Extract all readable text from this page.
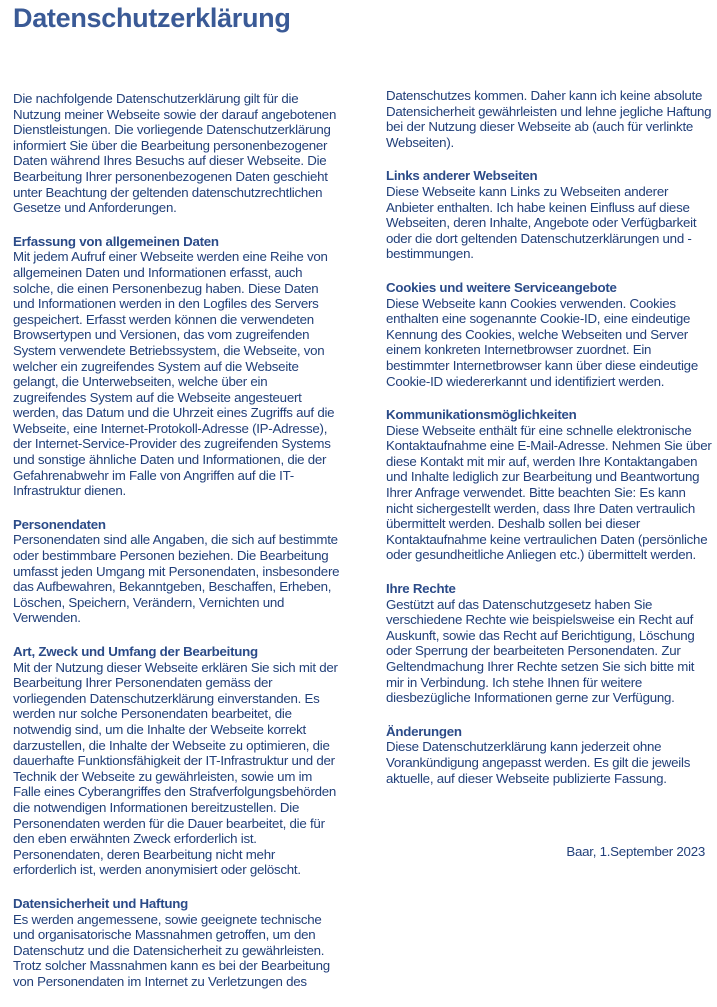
Datenschutzerklärung

Die nachfolgende Datenschutzerklärung gilt für die Nutzung meiner Webseite sowie der darauf angebotenen Dienstleistungen. Die vorliegende Datenschutzerklärung informiert Sie über die Bearbeitung personenbezogener Daten während Ihres Besuchs auf dieser Webseite. Die Bearbeitung Ihrer personenbezogenen Daten geschieht unter Beachtung der geltenden datenschutzrechtlichen Gesetze und Anforderungen.

Erfassung von allgemeinen Daten

Mit jedem Aufruf einer Webseite werden eine Reihe von allgemeinen Daten und Informationen erfasst, auch solche, die einen Personenbezug haben. Diese Daten und Informationen werden in den Logfiles des Servers gespeichert. Erfasst werden können die verwendeten Browsertypen und Versionen, das vom zugreifenden System verwendete Betriebssystem, die Webseite, von welcher ein zugreifendes System auf die Webseite gelangt, die Unterwebseiten, welche über ein zugreifendes System auf die Webseite angesteuert werden, das Datum und die Uhrzeit eines Zugriffs auf die Webseite, eine Internet-Protokoll-Adresse (IP-Adresse), der Internet-Service-Provider des zugreifenden Systems und sonstige ähnliche Daten und Informationen, die der Gefahrenabwehr im Falle von Angriffen auf die IT-Infrastruktur dienen.

Personendaten

Personendaten sind alle Angaben, die sich auf bestimmte oder bestimmbare Personen beziehen. Die Bearbeitung umfasst jeden Umgang mit Personendaten, insbesondere das Aufbewahren, Bekanntgeben, Beschaffen, Erheben, Löschen, Speichern, Verändern, Vernichten und Verwenden.

Art, Zweck und Umfang der Bearbeitung

Mit der Nutzung dieser Webseite erklären Sie sich mit der Bearbeitung Ihrer Personendaten gemäss der vorliegenden Datenschutzerklärung einverstanden. Es werden nur solche Personendaten bearbeitet, die notwendig sind, um die Inhalte der Webseite korrekt darzustellen, die Inhalte der Webseite zu optimieren, die dauerhafte Funktionsfähigkeit der IT-Infrastruktur und der Technik der Webseite zu gewährleisten, sowie um im Falle eines Cyberangriffes den Strafverfolgungsbehörden die notwendigen Informationen bereitzustellen. Die Personendaten werden für die Dauer bearbeitet, die für den eben erwähnten Zweck erforderlich ist. Personendaten, deren Bearbeitung nicht mehr erforderlich ist, werden anonymisiert oder gelöscht.

Datensicherheit und Haftung

Es werden angemessene, sowie geeignete technische und organisatorische Massnahmen getroffen, um den Datenschutz und die Datensicherheit zu gewährleisten. Trotz solcher Massnahmen kann es bei der Bearbeitung von Personendaten im Internet zu Verletzungen des

Datenschutzes kommen. Daher kann ich keine absolute Datensicherheit gewährleisten und lehne jegliche Haftung bei der Nutzung dieser Webseite ab (auch für verlinkte Webseiten).

Links anderer Webseiten

Diese Webseite kann Links zu Webseiten anderer Anbieter enthalten. Ich habe keinen Einfluss auf diese Webseiten, deren Inhalte, Angebote oder Verfügbarkeit oder die dort geltenden Datenschutzerklärungen und -bestimmungen.

Cookies und weitere Serviceangebote

Diese Webseite kann Cookies verwenden. Cookies enthalten eine sogenannte Cookie-ID, eine eindeutige Kennung des Cookies, welche Webseiten und Server einem konkreten Internetbrowser zuordnet. Ein bestimmter Internetbrowser kann über diese eindeutige Cookie-ID wiedererkannt und identifiziert werden.

Kommunikationsmöglichkeiten

Diese Webseite enthält für eine schnelle elektronische Kontaktaufnahme eine E-Mail-Adresse. Nehmen Sie über diese Kontakt mit mir auf, werden Ihre Kontaktangaben und Inhalte lediglich zur Bearbeitung und Beantwortung Ihrer Anfrage verwendet. Bitte beachten Sie: Es kann nicht sichergestellt werden, dass Ihre Daten vertraulich übermittelt werden. Deshalb sollen bei dieser Kontaktaufnahme keine vertraulichen Daten (persönliche oder gesundheitliche Anliegen etc.) übermittelt werden.

Ihre Rechte

Gestützt auf das Datenschutzgesetz haben Sie verschiedene Rechte wie beispielsweise ein Recht auf Auskunft, sowie das Recht auf Berichtigung, Löschung oder Sperrung der bearbeiteten Personendaten. Zur Geltendmachung Ihrer Rechte setzen Sie sich bitte mit mir in Verbindung. Ich stehe Ihnen für weitere diesbezügliche Informationen gerne zur Verfügung.

Änderungen

Diese Datenschutzerklärung kann jederzeit ohne Vorankündigung angepasst werden. Es gilt die jeweils aktuelle, auf dieser Webseite publizierte Fassung.

Baar, 1.September 2023
